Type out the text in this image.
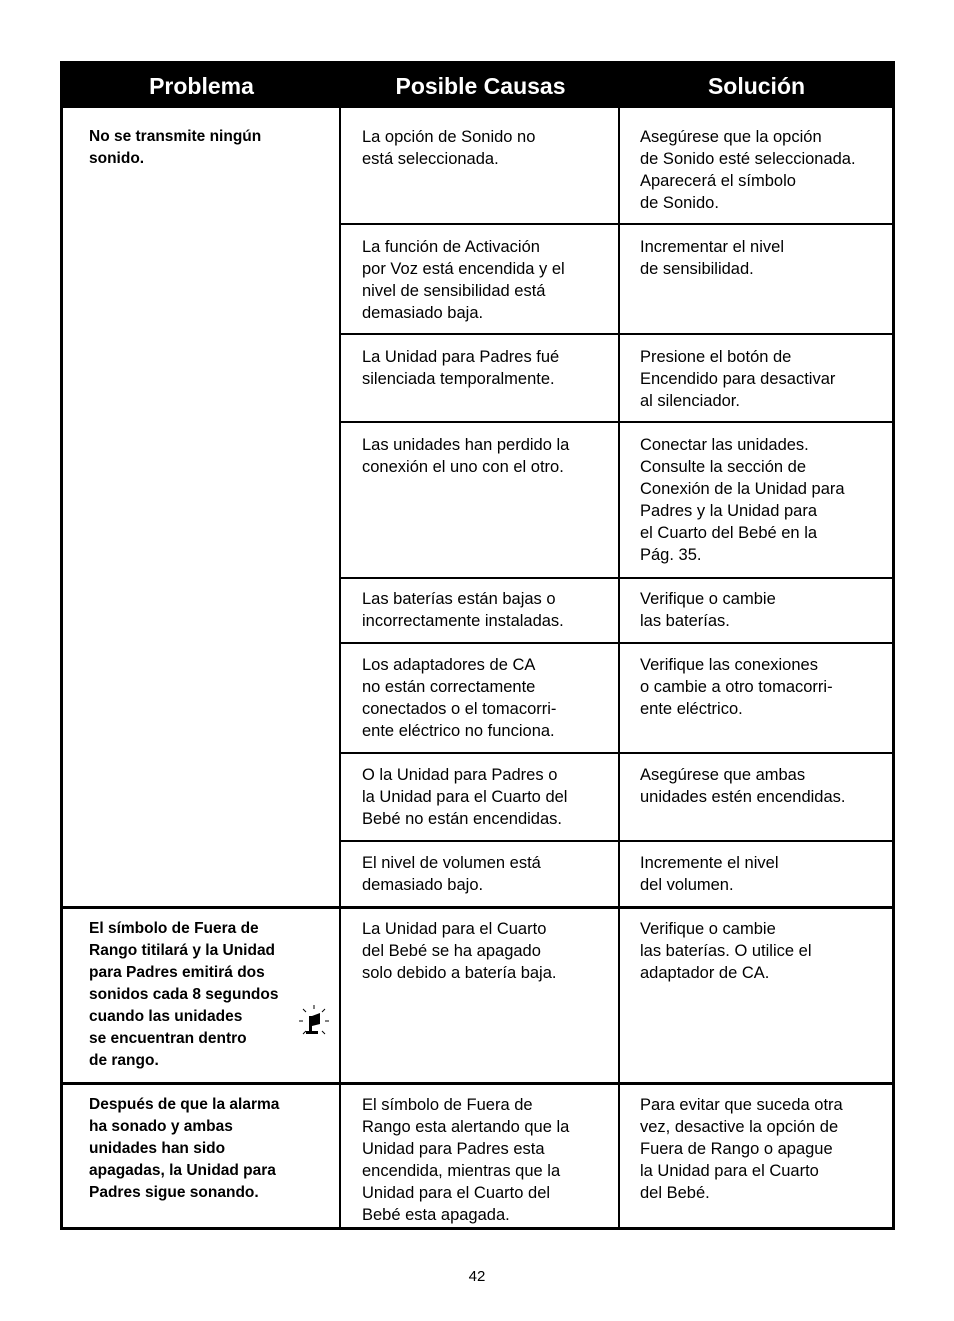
Problema	Posible Causas	Solución
No se transmite ningún
sonido.
La opción de Sonido no
está seleccionada.
Asegúrese que la opción
de Sonido esté seleccionada.
Aparecerá el símbolo
de Sonido.
La función de Activación
por Voz está encendida y el
nivel de sensibilidad está
demasiado baja.
Incrementar el nivel
de sensibilidad.
La Unidad para Padres fué
silenciada temporalmente.
Presione el botón de
Encendido para desactivar
al silenciador.
Las unidades han perdido la
conexión el uno con el otro.
Conectar las unidades.
Consulte la sección de
Conexión de la Unidad para
Padres y la Unidad para
el Cuarto del Bebé en la
Pág. 35.
Las baterías están bajas o
incorrectamente instaladas.
Verifique o cambie
las baterías.
Los adaptadores de CA
no están correctamente
conectados o el tomacorri-
ente eléctrico no funciona.
Verifique las conexiones
o cambie a otro tomacorri-
ente eléctrico.
O la Unidad para Padres o
la Unidad para el Cuarto del
Bebé no están encendidas.
Asegúrese que ambas
unidades estén encendidas.
El nivel de volumen está
demasiado bajo.
Incremente el nivel
del volumen.
El símbolo de Fuera de
Rango titilará y la Unidad
para Padres emitirá dos
sonidos cada 8 segundos
cuando las unidades
se encuentran dentro
de rango.
La Unidad para el Cuarto
del Bebé se ha apagado
solo debido a batería baja.
Verifique o cambie
las baterías. O utilice el
adaptador de CA.
Después de que la alarma
ha sonado y ambas
unidades han sido
apagadas, la Unidad para
Padres sigue sonando.
El símbolo de Fuera de
Rango esta alertando que la
Unidad para Padres esta
encendida, mientras que la
Unidad para el Cuarto del
Bebé esta apagada.
Para evitar que suceda otra
vez, desactive la opción de
Fuera de Rango o apague
la Unidad para el Cuarto
del Bebé.
42
